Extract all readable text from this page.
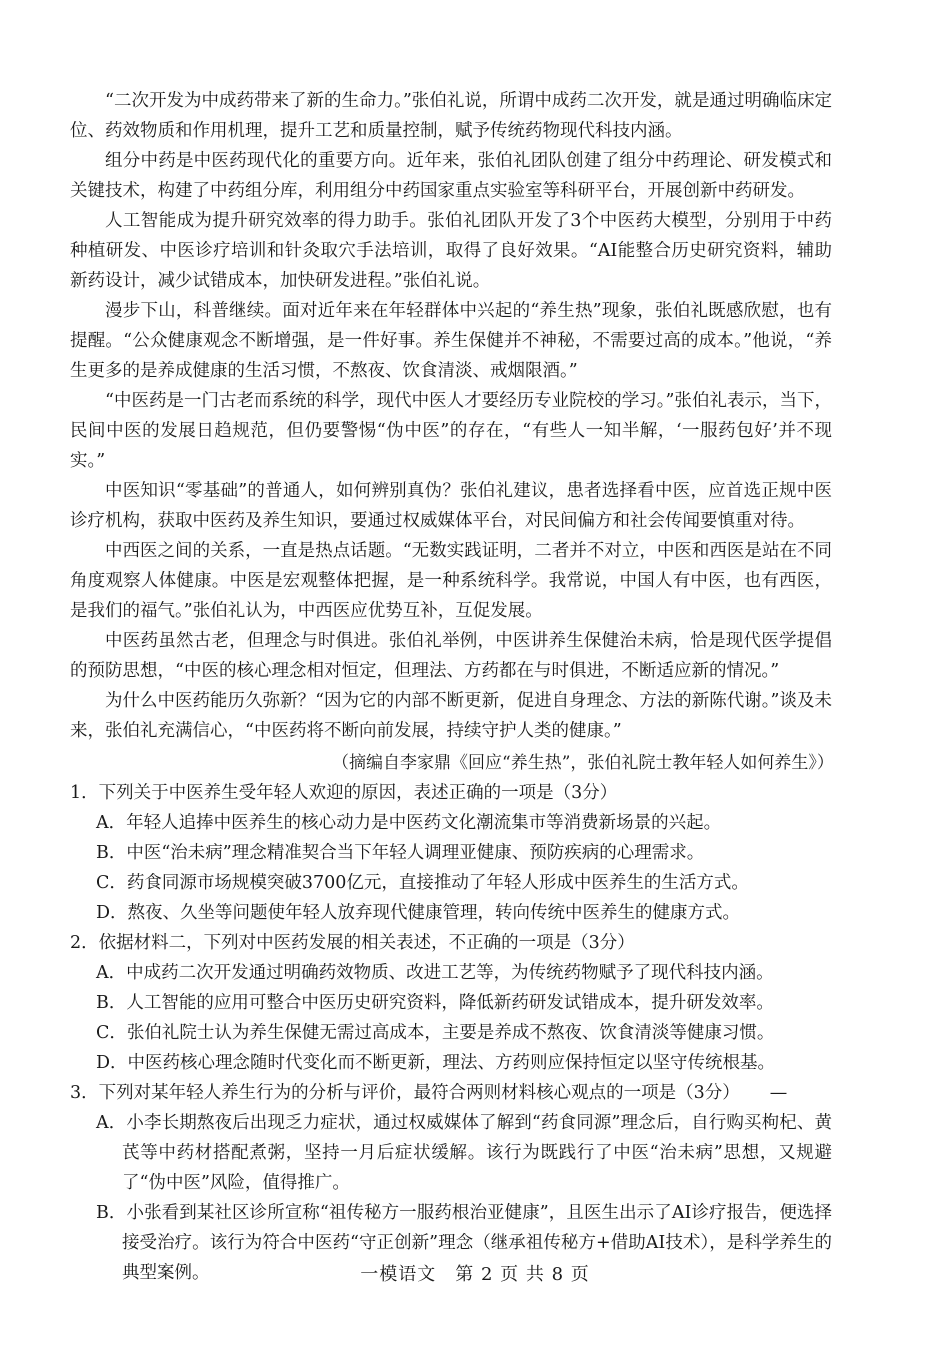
“二次开发为中成药带来了新的生命力。”张伯礼说，所谓中成药二次开发，就是通过明确临床定位、药效物质和作用机理，提升工艺和质量控制，赋予传统药物现代科技内涵。

组分中药是中医药现代化的重要方向。近年来，张伯礼团队创建了组分中药理论、研发模式和关键技术，构建了中药组分库，利用组分中药国家重点实验室等科研平台，开展创新中药研发。

人工智能成为提升研究效率的得力助手。张伯礼团队开发了3个中医药大模型，分别用于中药种植研发、中医诊疗培训和针灸取穴手法培训，取得了良好效果。“AI能整合历史研究资料，辅助新药设计，减少试错成本，加快研发进程。”张伯礼说。

漫步下山，科普继续。面对近年来在年轻群体中兴起的“养生热”现象，张伯礼既感欣慰，也有提醒。“公众健康观念不断增强，是一件好事。养生保健并不神秘，不需要过高的成本。”他说，“养生更多的是养成健康的生活习惯，不熬夜、饮食清淡、戒烟限酒。”

“中医药是一门古老而系统的科学，现代中医人才要经历专业院校的学习。”张伯礼表示，当下，民间中医的发展日趋规范，但仍要警惕“伪中医”的存在，“有些人一知半解，‘一服药包好’并不现实。”

中医知识“零基础”的普通人，如何辨别真伪？张伯礼建议，患者选择看中医，应首选正规中医诊疗机构，获取中医药及养生知识，要通过权威媒体平台，对民间偏方和社会传闻要慎重对待。

中西医之间的关系，一直是热点话题。“无数实践证明，二者并不对立，中医和西医是站在不同角度观察人体健康。中医是宏观整体把握，是一种系统科学。我常说，中国人有中医，也有西医，是我们的福气。”张伯礼认为，中西医应优势互补，互促发展。

中医药虽然古老，但理念与时俱进。张伯礼举例，中医讲养生保健治未病，恰是现代医学提倡的预防思想，“中医的核心理念相对恒定，但理法、方药都在与时俱进，不断适应新的情况。”

为什么中医药能历久弥新？“因为它的内部不断更新，促进自身理念、方法的新陈代谢。”谈及未来，张伯礼充满信心，“中医药将不断向前发展，持续守护人类的健康。”

（摘编自李家鼎《回应“养生热”，张伯礼院士教年轻人如何养生》）

1．下列关于中医养生受年轻人欢迎的原因，表述正确的一项是（3分）

A．年轻人追捧中医养生的核心动力是中医药文化潮流集市等消费新场景的兴起。

B．中医“治未病”理念精准契合当下年轻人调理亚健康、预防疾病的心理需求。

C．药食同源市场规模突破3700亿元，直接推动了年轻人形成中医养生的生活方式。

D．熬夜、久坐等问题使年轻人放弃现代健康管理，转向传统中医养生的健康方式。

2．依据材料二，下列对中医药发展的相关表述，不正确的一项是（3分）

A．中成药二次开发通过明确药效物质、改进工艺等，为传统药物赋予了现代科技内涵。

B．人工智能的应用可整合中医历史研究资料，降低新药研发试错成本，提升研发效率。

C．张伯礼院士认为养生保健无需过高成本，主要是养成不熬夜、饮食清淡等健康习惯。

D．中医药核心理念随时代变化而不断更新，理法、方药则应保持恒定以坚守传统根基。

3．下列对某年轻人养生行为的分析与评价，最符合两则材料核心观点的一项是（3分） —

A．小李长期熬夜后出现乏力症状，通过权威媒体了解到“药食同源”理念后，自行购买枸杞、黄芪等中药材搭配煮粥，坚持一月后症状缓解。该行为既践行了中医“治未病”思想，又规避了“伪中医”风险，值得推广。

B．小张看到某社区诊所宣称“祖传秘方一服药根治亚健康”，且医生出示了AI诊疗报告，便选择接受治疗。该行为符合中医药“守正创新”理念（继承祖传秘方+借助AI技术），是科学养生的典型案例。	一模语文　第 2 页 共 8 页
